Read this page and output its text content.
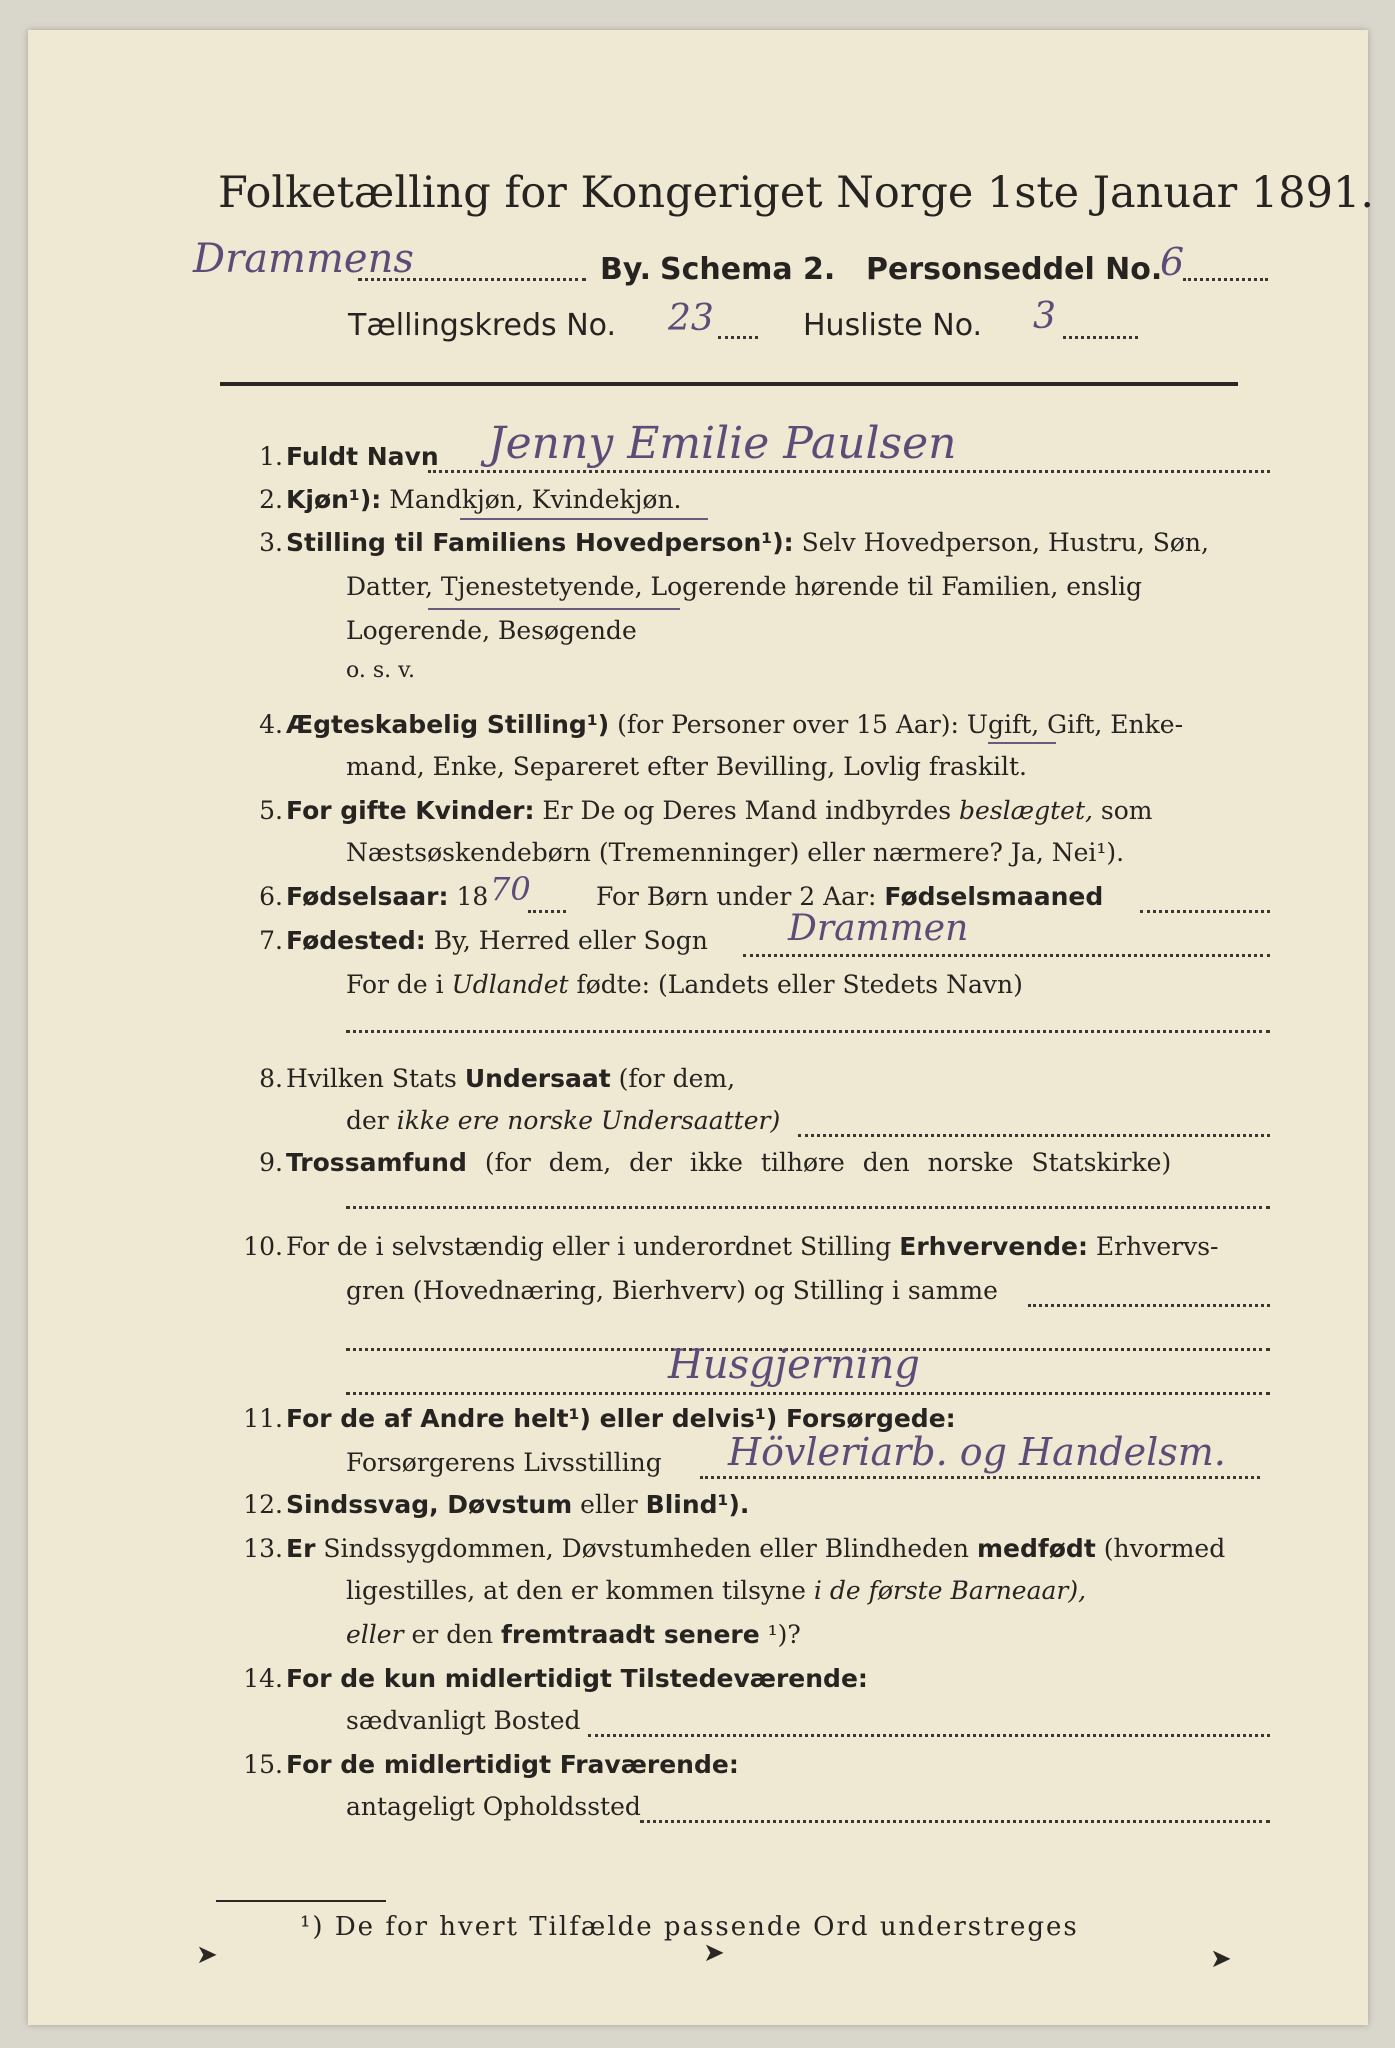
Folketælling for Kongeriget Norge 1ste Januar 1891.
Drammens	By. Schema 2. Personseddel No.
6
Tællingskreds No. 23	Husliste No. 3
1. Fuldt Navn Jenny Emilie Paulsen
2. Kjøn¹): Mandkjøn, Kvindekjøn.
3. Stilling til Familiens Hovedperson¹): Selv Hovedperson, Hustru, Søn,
Datter, Tjenestetyende, Logerende hørende til Familien, enslig
Logerende, Besøgende
o. s. v.
4. Ægteskabelig Stilling¹) (for Personer over 15 Aar): Ugift, Gift, Enke-
mand, Enke, Separeret efter Bevilling, Lovlig fraskilt.
5. For gifte Kvinder: Er De og Deres Mand indbyrdes beslægtet, som
Næstsøskendebørn (Tremenninger) eller nærmere? Ja, Nei¹).
6. Fødselsaar: 18 70	For Børn under 2 Aar: Fødselsmaaned
7. Fødested: By, Herred eller Sogn Drammen
For de i Udlandet fødte: (Landets eller Stedets Navn)
8. Hvilken Stats Undersaat (for dem,
der ikke ere norske Undersaatter)
9. Trossamfund (for dem, der ikke tilhøre den norske Statskirke)
10. For de i selvstændig eller i underordnet Stilling Erhvervende: Erhvervs-
gren (Hovednæring, Bierhverv) og Stilling i samme
Husgjerning
11. For de af Andre helt¹) eller delvis¹) Forsørgede:
Forsørgerens Livsstilling Hövleriarb. og Handelsm.
12. Sindssvag, Døvstum eller Blind¹).
13. Er Sindssygdommen, Døvstumheden eller Blindheden medfødt (hvormed
ligestilles, at den er kommen tilsyne i de første Barneaar),
eller er den fremtraadt senere ¹)?
14. For de kun midlertidigt Tilstedeværende:
sædvanligt Bosted
15. For de midlertidigt Fraværende:
antageligt Opholdssted
¹) De for hvert Tilfælde passende Ord understreges
➤	➤	➤
